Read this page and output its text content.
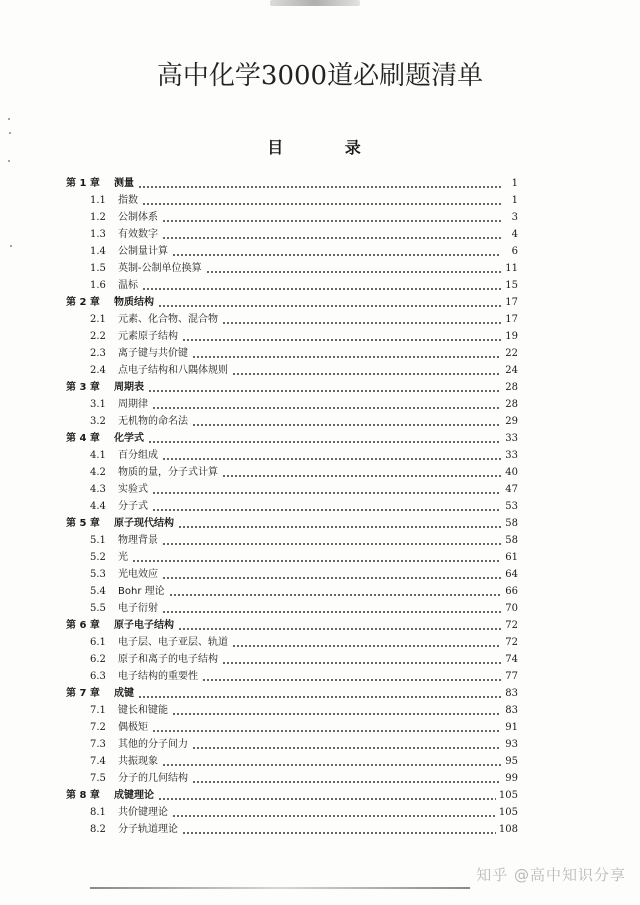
高中化学3000道必刷题清单
目 录
第 1 章	测量	1
1.1	指数	1
1.2	公制体系	3
1.3	有效数字	4
1.4	公制量计算	6
1.5	英制-公制单位换算	11
1.6	温标	15
第 2 章	物质结构	17
2.1	元素、化合物、混合物	17
2.2	元素原子结构	19
2.3	离子键与共价键	22
2.4	点电子结构和八隅体规则	24
第 3 章	周期表	28
3.1	周期律	28
3.2	无机物的命名法	29
第 4 章	化学式	33
4.1	百分组成	33
4.2	物质的量，分子式计算	40
4.3	实验式	47
4.4	分子式	53
第 5 章	原子现代结构	58
5.1	物理背景	58
5.2	光	61
5.3	光电效应	64
5.4	Bohr 理论	66
5.5	电子衍射	70
第 6 章	原子电子结构	72
6.1	电子层、电子亚层、轨道	72
6.2	原子和离子的电子结构	74
6.3	电子结构的重要性	77
第 7 章	成键	83
7.1	键长和键能	83
7.2	偶极矩	91
7.3	其他的分子间力	93
7.4	共振现象	95
7.5	分子的几何结构	99
第 8 章	成键理论	105
8.1	共价键理论	105
8.2	分子轨道理论	108
知乎 @高中知识分享
